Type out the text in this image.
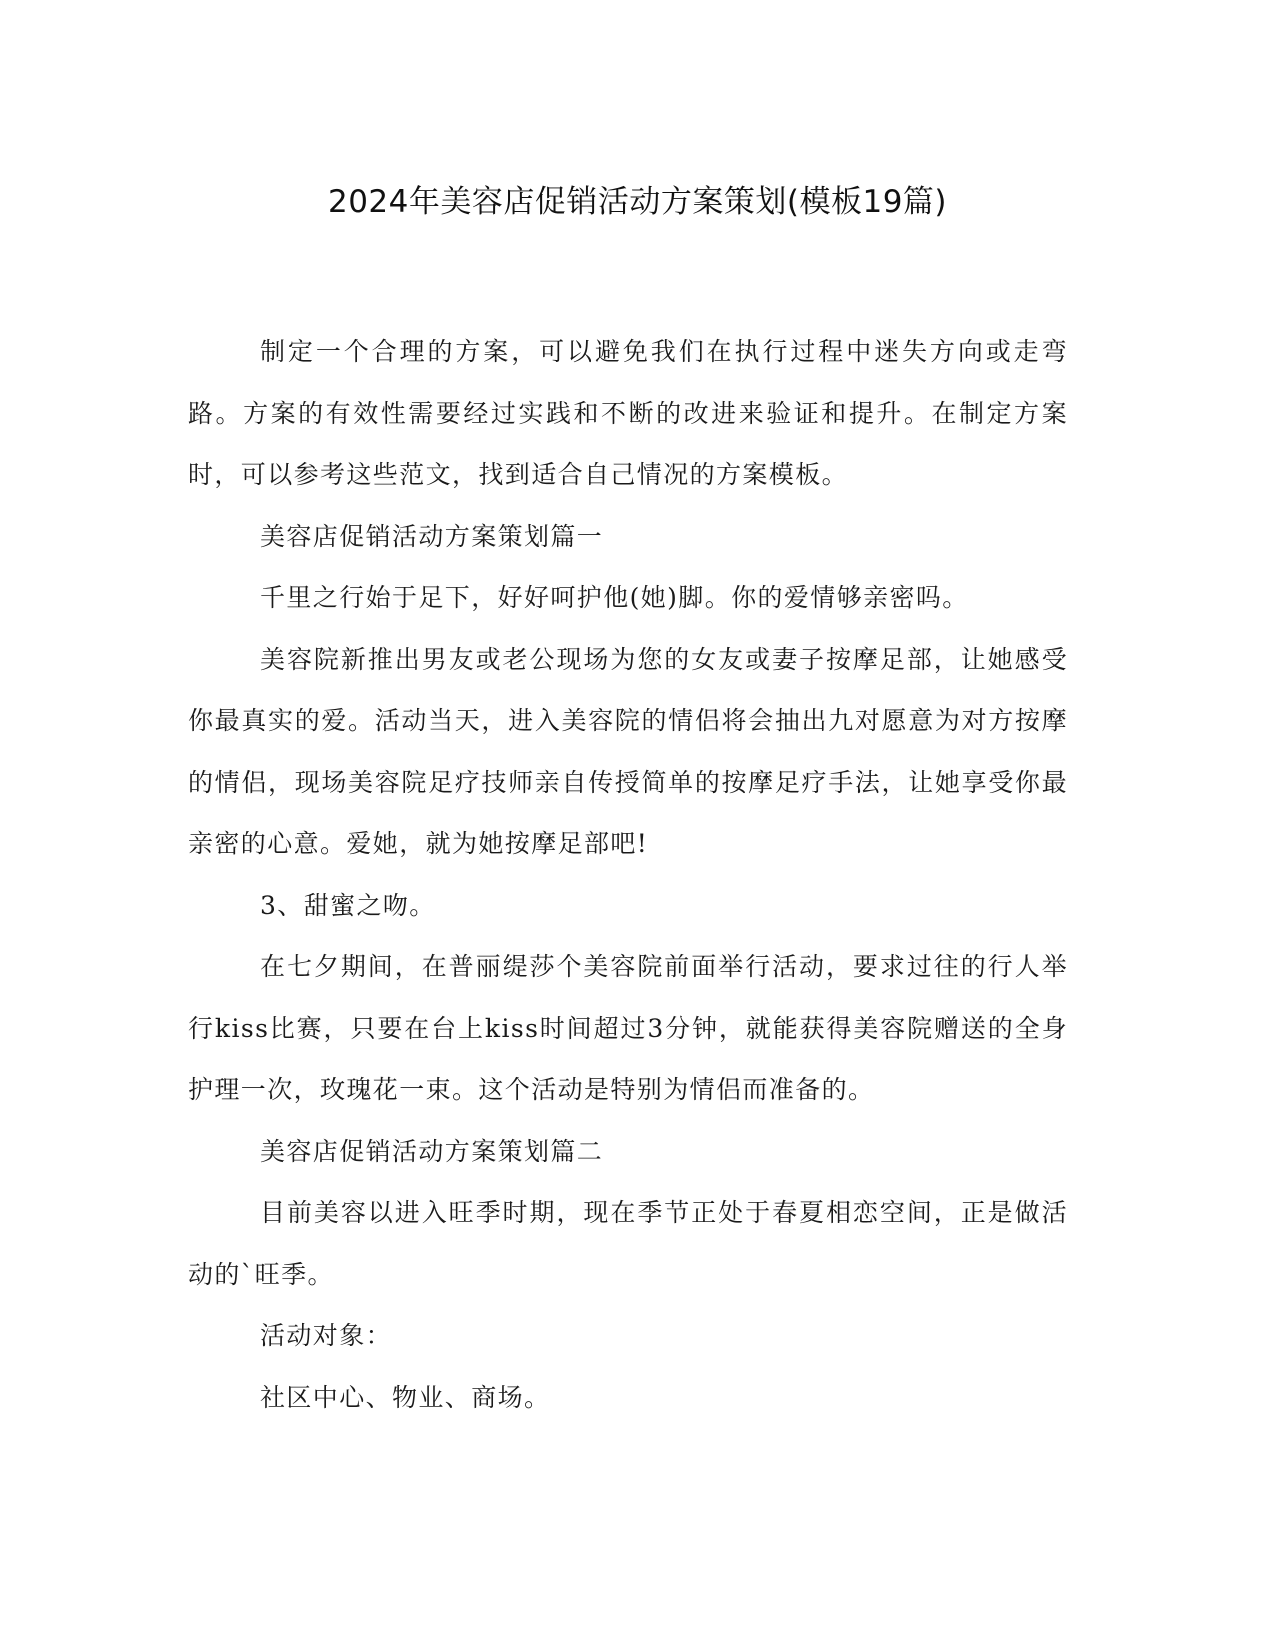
2024年美容店促销活动方案策划(模板19篇)

制定一个合理的方案，可以避免我们在执行过程中迷失方向或走弯路。方案的有效性需要经过实践和不断的改进来验证和提升。在制定方案时，可以参考这些范文，找到适合自己情况的方案模板。

美容店促销活动方案策划篇一

千里之行始于足下，好好呵护他(她)脚。你的爱情够亲密吗。

美容院新推出男友或老公现场为您的女友或妻子按摩足部，让她感受你最真实的爱。活动当天，进入美容院的情侣将会抽出九对愿意为对方按摩的情侣，现场美容院足疗技师亲自传授简单的按摩足疗手法，让她享受你最亲密的心意。爱她，就为她按摩足部吧!

3、甜蜜之吻。

在七夕期间，在普丽缇莎个美容院前面举行活动，要求过往的行人举行kiss比赛，只要在台上kiss时间超过3分钟，就能获得美容院赠送的全身护理一次，玫瑰花一束。这个活动是特别为情侣而准备的。

美容店促销活动方案策划篇二

目前美容以进入旺季时期，现在季节正处于春夏相恋空间，正是做活动的`旺季。

活动对象：

社区中心、物业、商场。
